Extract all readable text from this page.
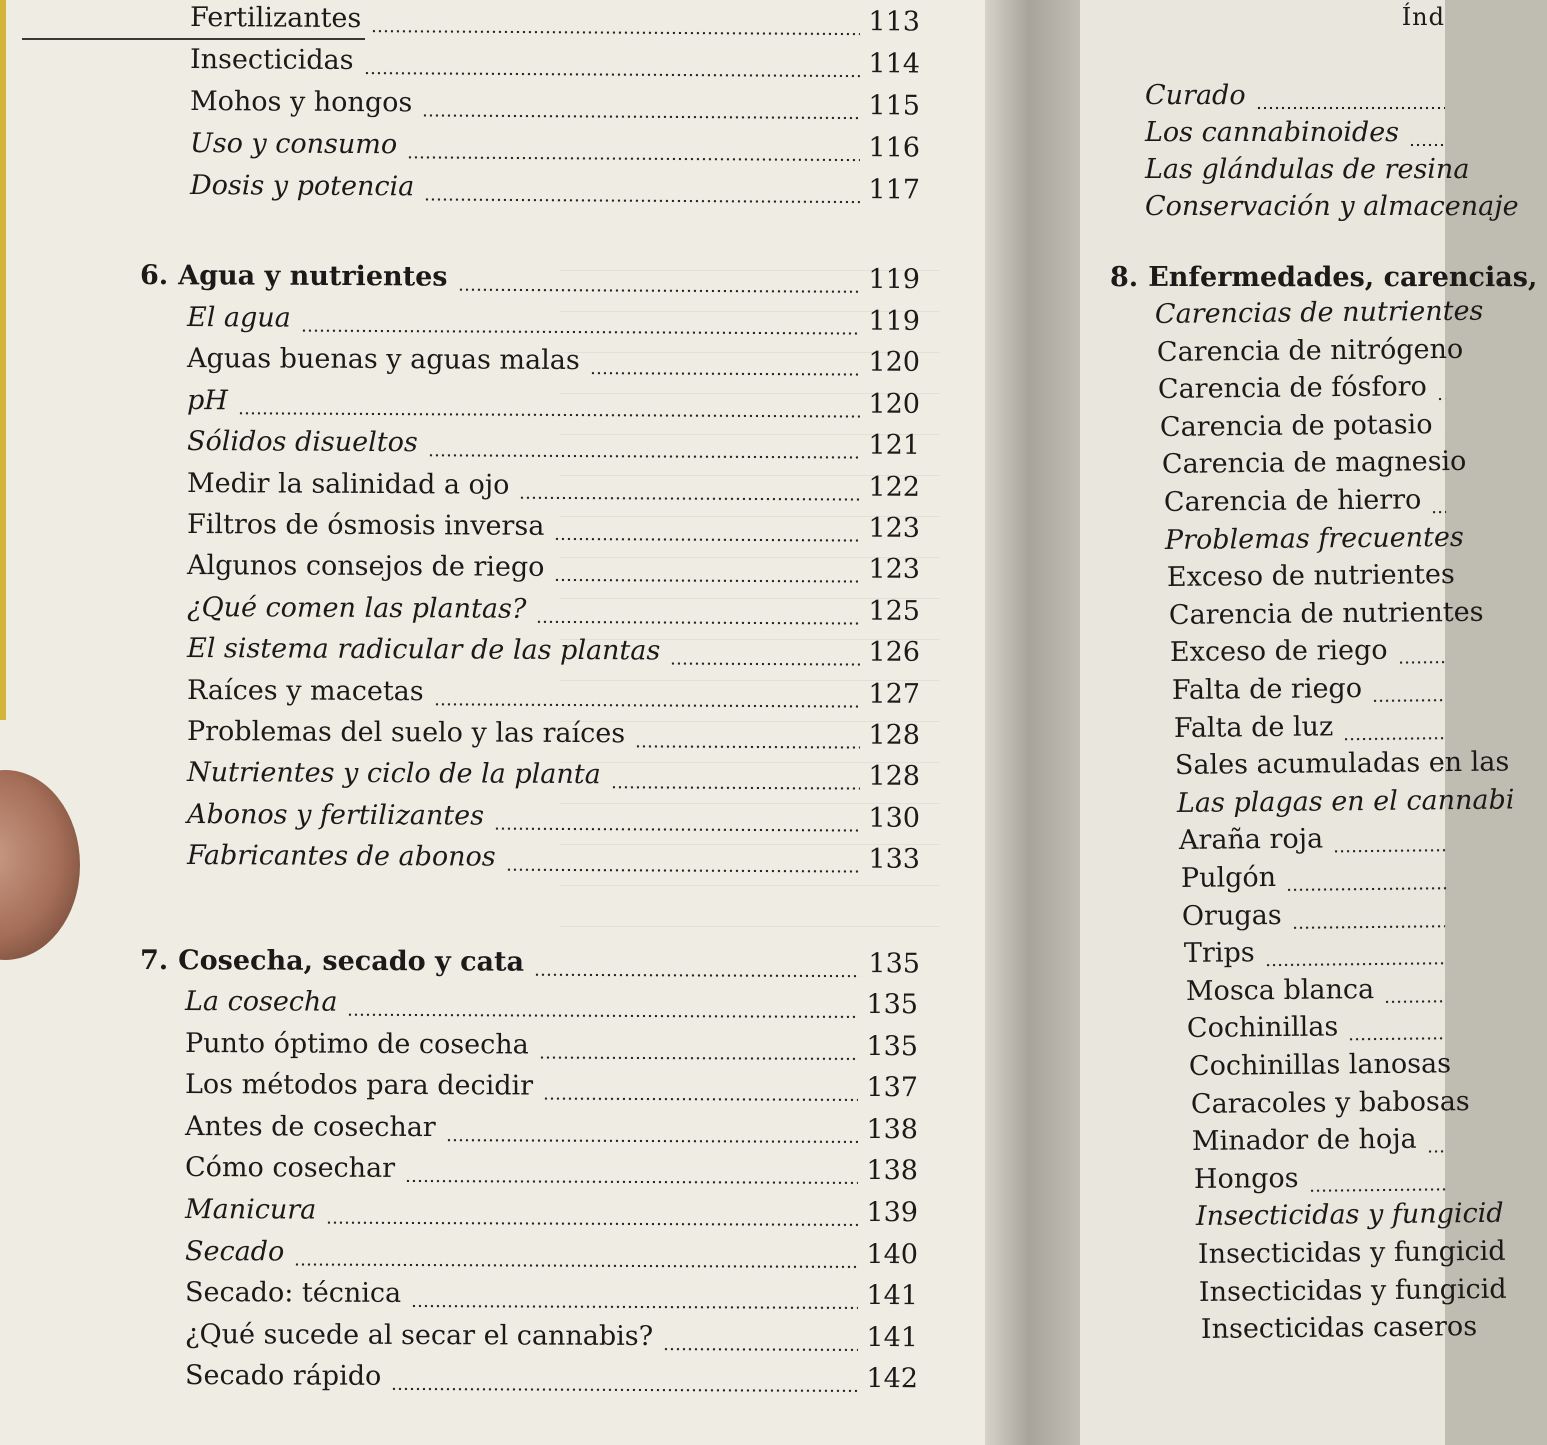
Fertilizantes	113
Insecticidas	114
Mohos y hongos	115
Uso y consumo	116
Dosis y potencia	117
6. Agua y nutrientes	119
El agua	119
Aguas buenas y aguas malas	120
pH	120
Sólidos disueltos	121
Medir la salinidad a ojo	122
Filtros de ósmosis inversa	123
Algunos consejos de riego	123
¿Qué comen las plantas?	125
El sistema radicular de las plantas	126
Raíces y macetas	127
Problemas del suelo y las raíces	128
Nutrientes y ciclo de la planta	128
Abonos y fertilizantes	130
Fabricantes de abonos	133
7. Cosecha, secado y cata	135
La cosecha	135
Punto óptimo de cosecha	135
Los métodos para decidir	137
Antes de cosechar	138
Cómo cosechar	138
Manicura	139
Secado	140
Secado: técnica	141
¿Qué sucede al secar el cannabis?	141
Secado rápido	142
Índ
Curado
Los cannabinoides
Las glándulas de resina
Conservación y almacenaje
8. Enfermedades, carencias,
Carencias de nutrientes
Carencia de nitrógeno
Carencia de fósforo
Carencia de potasio
Carencia de magnesio
Carencia de hierro
Problemas frecuentes
Exceso de nutrientes
Carencia de nutrientes
Exceso de riego
Falta de riego
Falta de luz
Sales acumuladas en las
Las plagas en el cannabi
Araña roja
Pulgón
Orugas
Trips
Mosca blanca
Cochinillas
Cochinillas lanosas
Caracoles y babosas
Minador de hoja
Hongos
Insecticidas y fungicid
Insecticidas y fungicid
Insecticidas y fungicid
Insecticidas caseros
